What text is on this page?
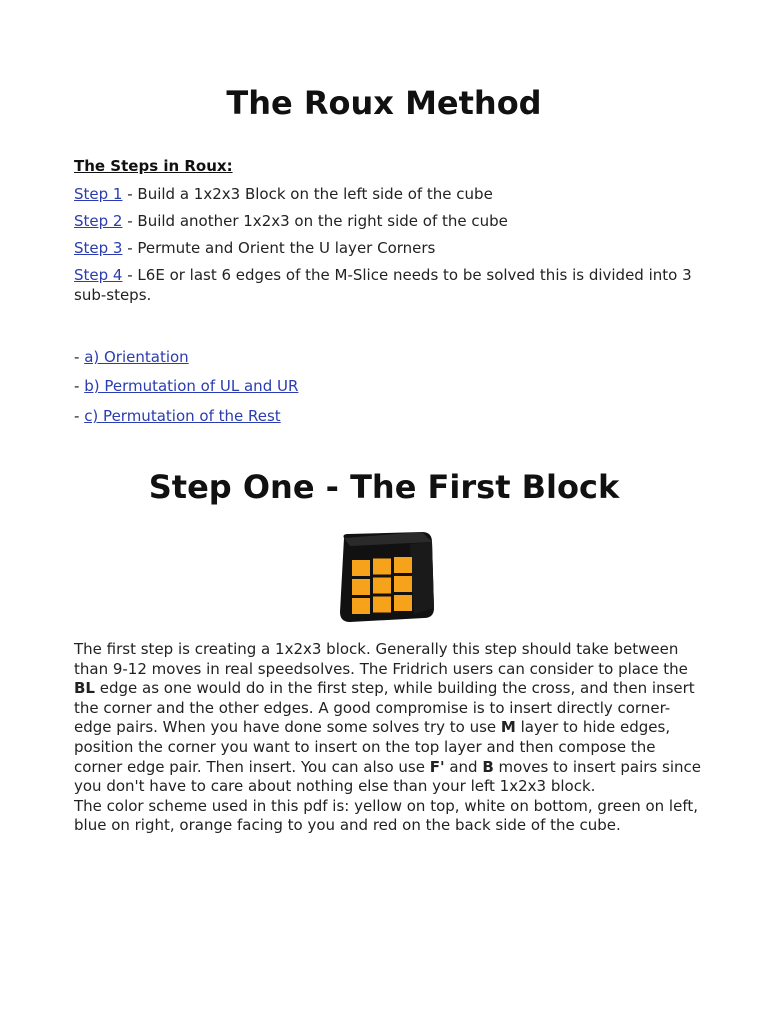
The Roux Method
The Steps in Roux:
Step 1 - Build a 1x2x3 Block on the left side of the cube
Step 2 - Build another 1x2x3 on the right side of the cube
Step 3 - Permute and Orient the U layer Corners
Step 4 - L6E or last 6 edges of the M-Slice needs to be solved this is divided into 3 sub-steps.
- a) Orientation
- b) Permutation of UL and UR
- c) Permutation of the Rest
Step One - The First Block

The first step is creating a 1x2x3 block. Generally this step should take between than 9-12 moves in real speedsolves. The Fridrich users can consider to place the BL edge as one would do in the first step, while building the cross, and then insert the corner and the other edges. A good compromise is to insert directly corner-edge pairs. When you have done some solves try to use M layer to hide edges, position the corner you want to insert on the top layer and then compose the corner edge pair. Then insert. You can also use F' and B moves to insert pairs since you don't have to care about nothing else than your left 1x2x3 block.

The color scheme used in this pdf is: yellow on top, white on bottom, green on left, blue on right, orange facing to you and red on the back side of the cube.
